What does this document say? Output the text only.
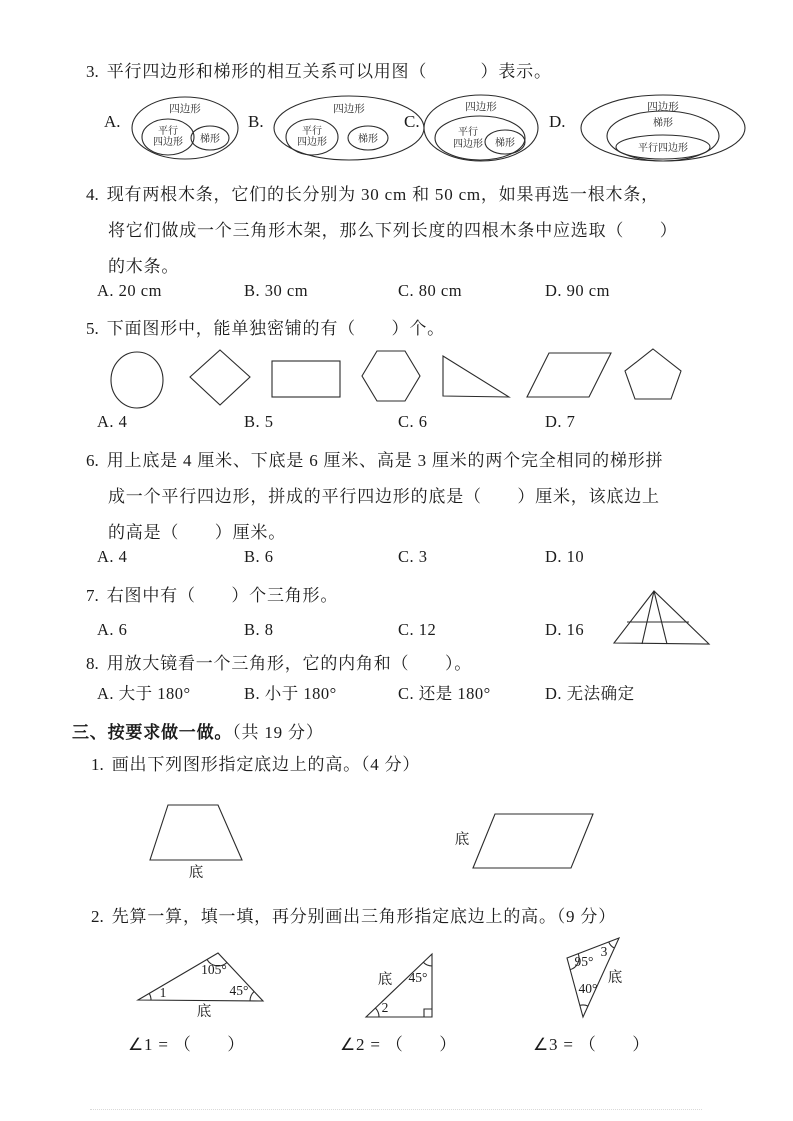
3. 平行四边形和梯形的相互关系可以用图（　　　）表示。
A.
四边形
平行
四边形 梯形
B.
四边形
平行
四边形	梯形
C.
四边形
平行
四边形 梯形
D.
四边形
梯形
平行四边形
4. 现有两根木条，它们的长分别为 30 cm 和 50 cm，如果再选一根木条，
将它们做成一个三角形木架，那么下列长度的四根木条中应选取（　　）
的木条。
A. 20 cm	B. 30 cm	C. 80 cm	D. 90 cm
5. 下面图形中，能单独密铺的有（　　）个。
A. 4	B. 5	C. 6	D. 7
6. 用上底是 4 厘米、下底是 6 厘米、高是 3 厘米的两个完全相同的梯形拼
成一个平行四边形，拼成的平行四边形的底是（　　）厘米，该底边上
的高是（　　）厘米。
A. 4	B. 6	C. 3	D. 10
7. 右图中有（　　）个三角形。
A. 6	B. 8	C. 12	D. 16
8. 用放大镜看一个三角形，它的内角和（　　）。
A. 大于 180°	B. 小于 180°	C. 还是 180°	D. 无法确定
三、按要求做一做。（共 19 分）
1. 画出下列图形指定底边上的高。（4 分）
底
底
2. 先算一算，填一填，再分别画出三角形指定底边上的高。（9 分）
105°
1	45°
底
45°
底
2
95°
3
40°
底
∠1 = （　　）	∠2 = （　　）	∠3 = （　　）
